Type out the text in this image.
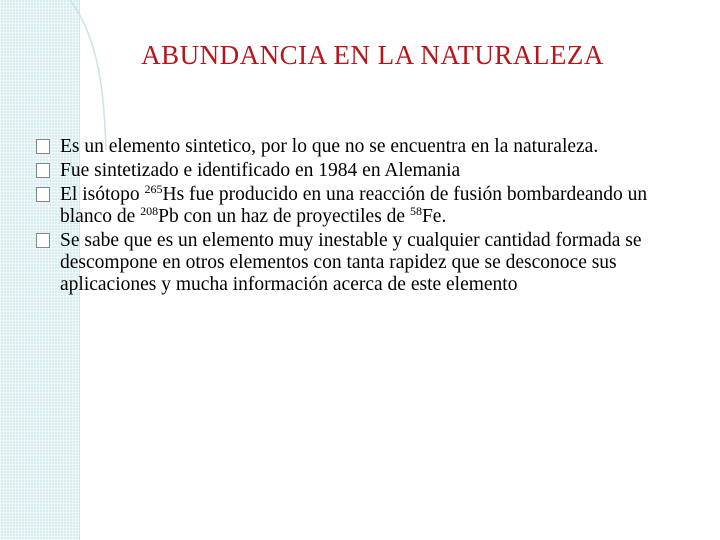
ABUNDANCIA EN LA NATURALEZA
Es un elemento sintetico, por lo que no se encuentra en la naturaleza.
Fue sintetizado e identificado en 1984 en Alemania
El isótopo $^{265}$Hs fue producido en una reacción de fusión bombardeando un blanco de $^{208}$Pb con un haz de proyectiles de $^{58}$Fe.
Se sabe que es un elemento muy inestable y cualquier cantidad formada se descompone en otros elementos con tanta rapidez que se desconoce sus aplicaciones y mucha información acerca de este elemento
